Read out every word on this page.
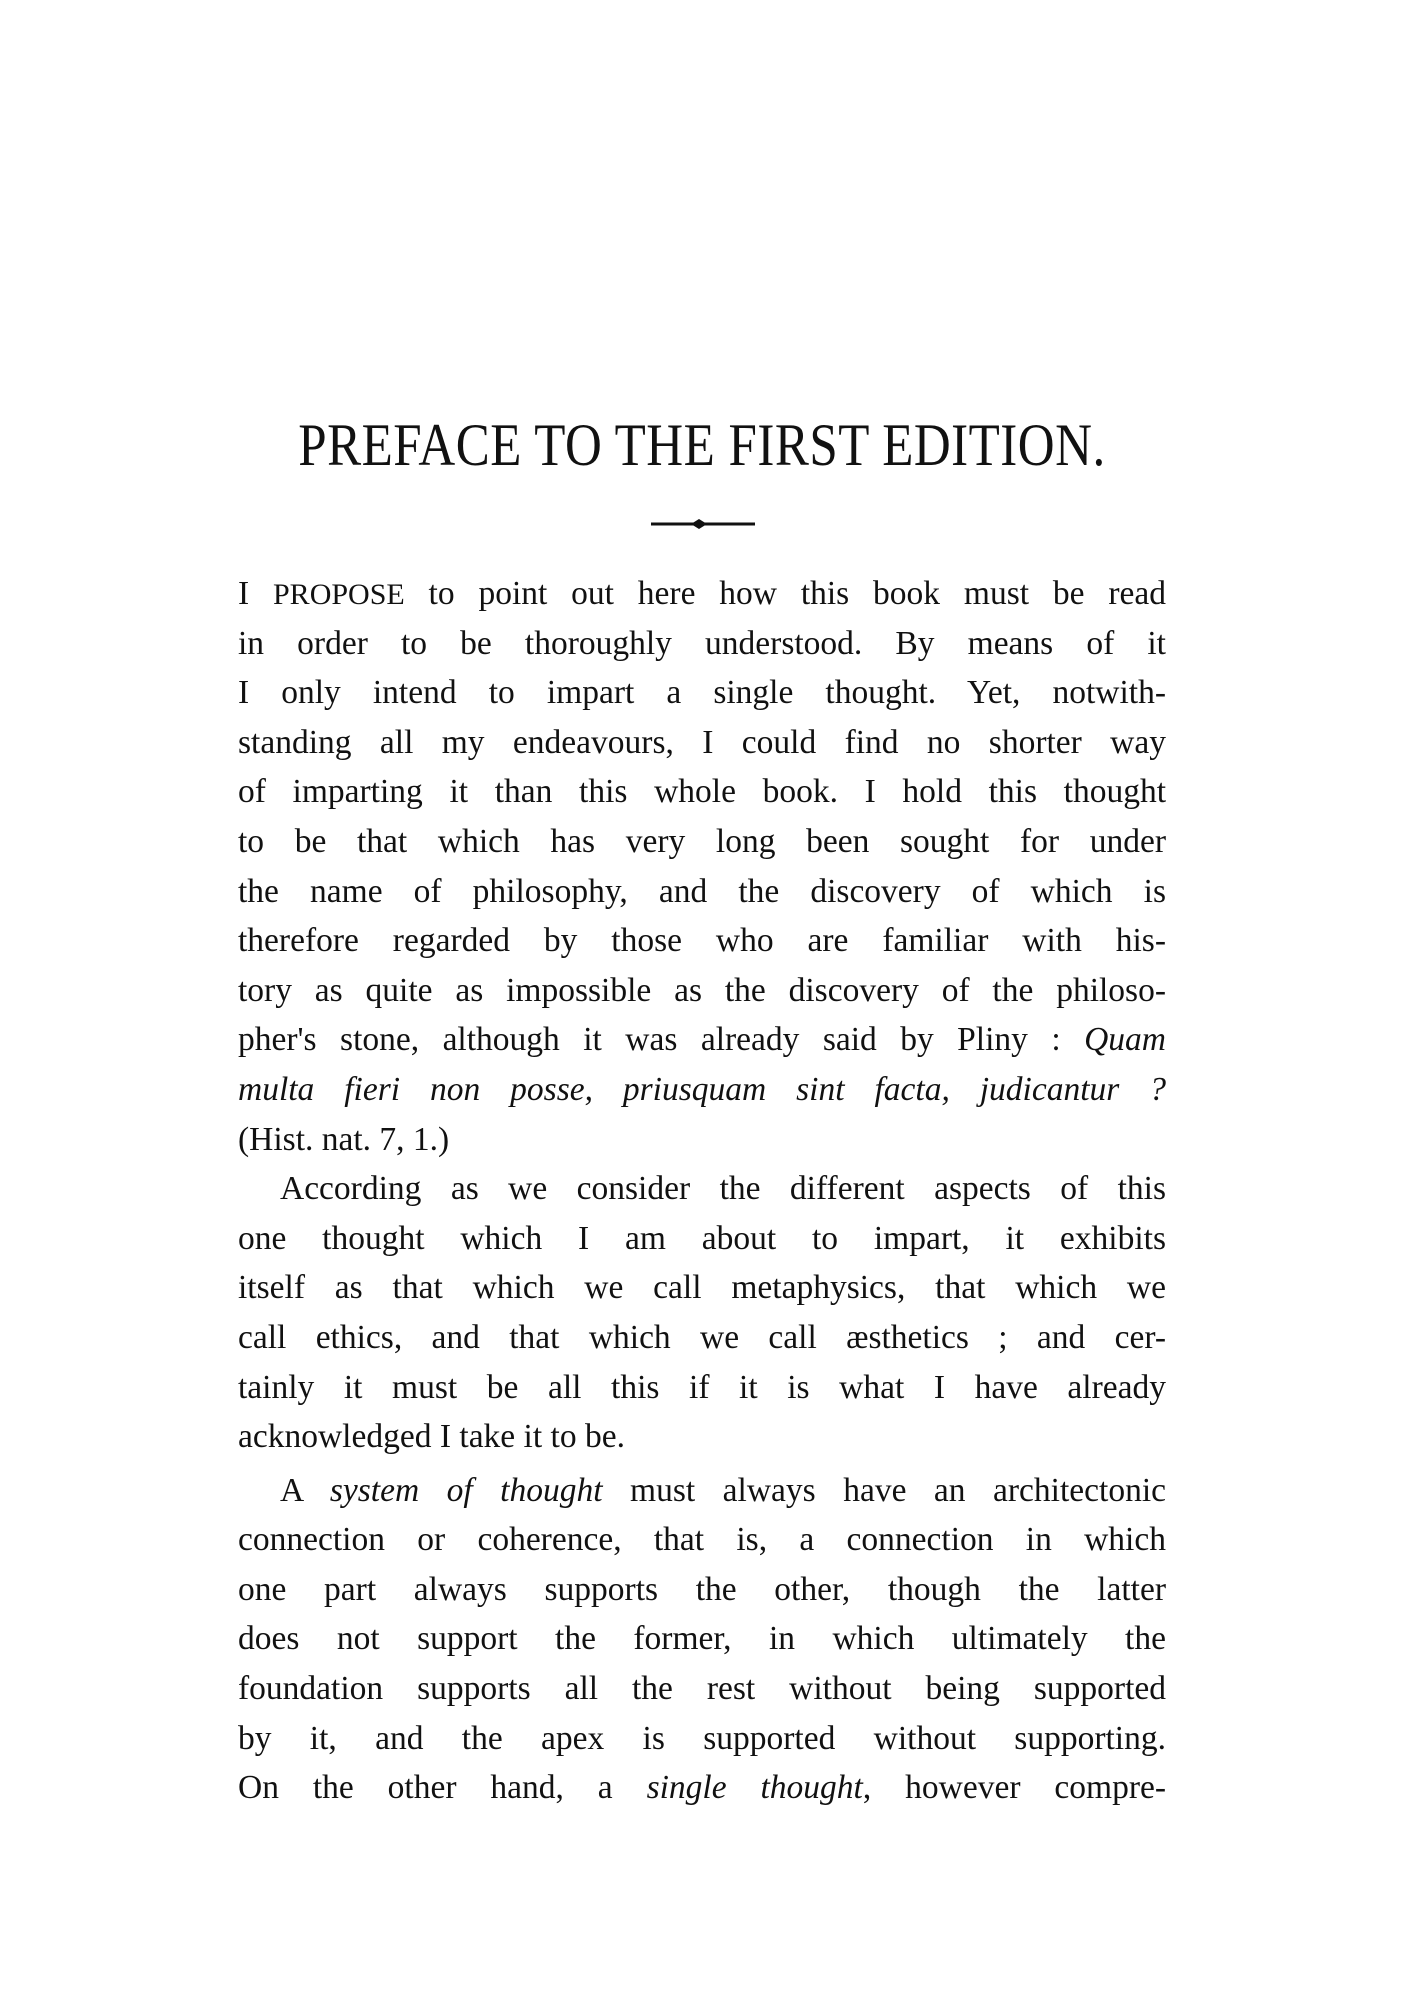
PREFACE TO THE FIRST EDITION.
I PROPOSE to point out here how this book must be read
in order to be thoroughly understood. By means of it
I only intend to impart a single thought. Yet, notwith-
standing all my endeavours, I could find no shorter way
of imparting it than this whole book. I hold this thought
to be that which has very long been sought for under
the name of philosophy, and the discovery of which is
therefore regarded by those who are familiar with his-
tory as quite as impossible as the discovery of the philoso-
pher's stone, although it was already said by Pliny : Quam
multa fieri non posse, priusquam sint facta, judicantur ?
(Hist. nat. 7, 1.)
According as we consider the different aspects of this
one thought which I am about to impart, it exhibits
itself as that which we call metaphysics, that which we
call ethics, and that which we call æsthetics ; and cer-
tainly it must be all this if it is what I have already
acknowledged I take it to be.
A system of thought must always have an architectonic
connection or coherence, that is, a connection in which
one part always supports the other, though the latter
does not support the former, in which ultimately the
foundation supports all the rest without being supported
by it, and the apex is supported without supporting.
On the other hand, a single thought, however compre-
